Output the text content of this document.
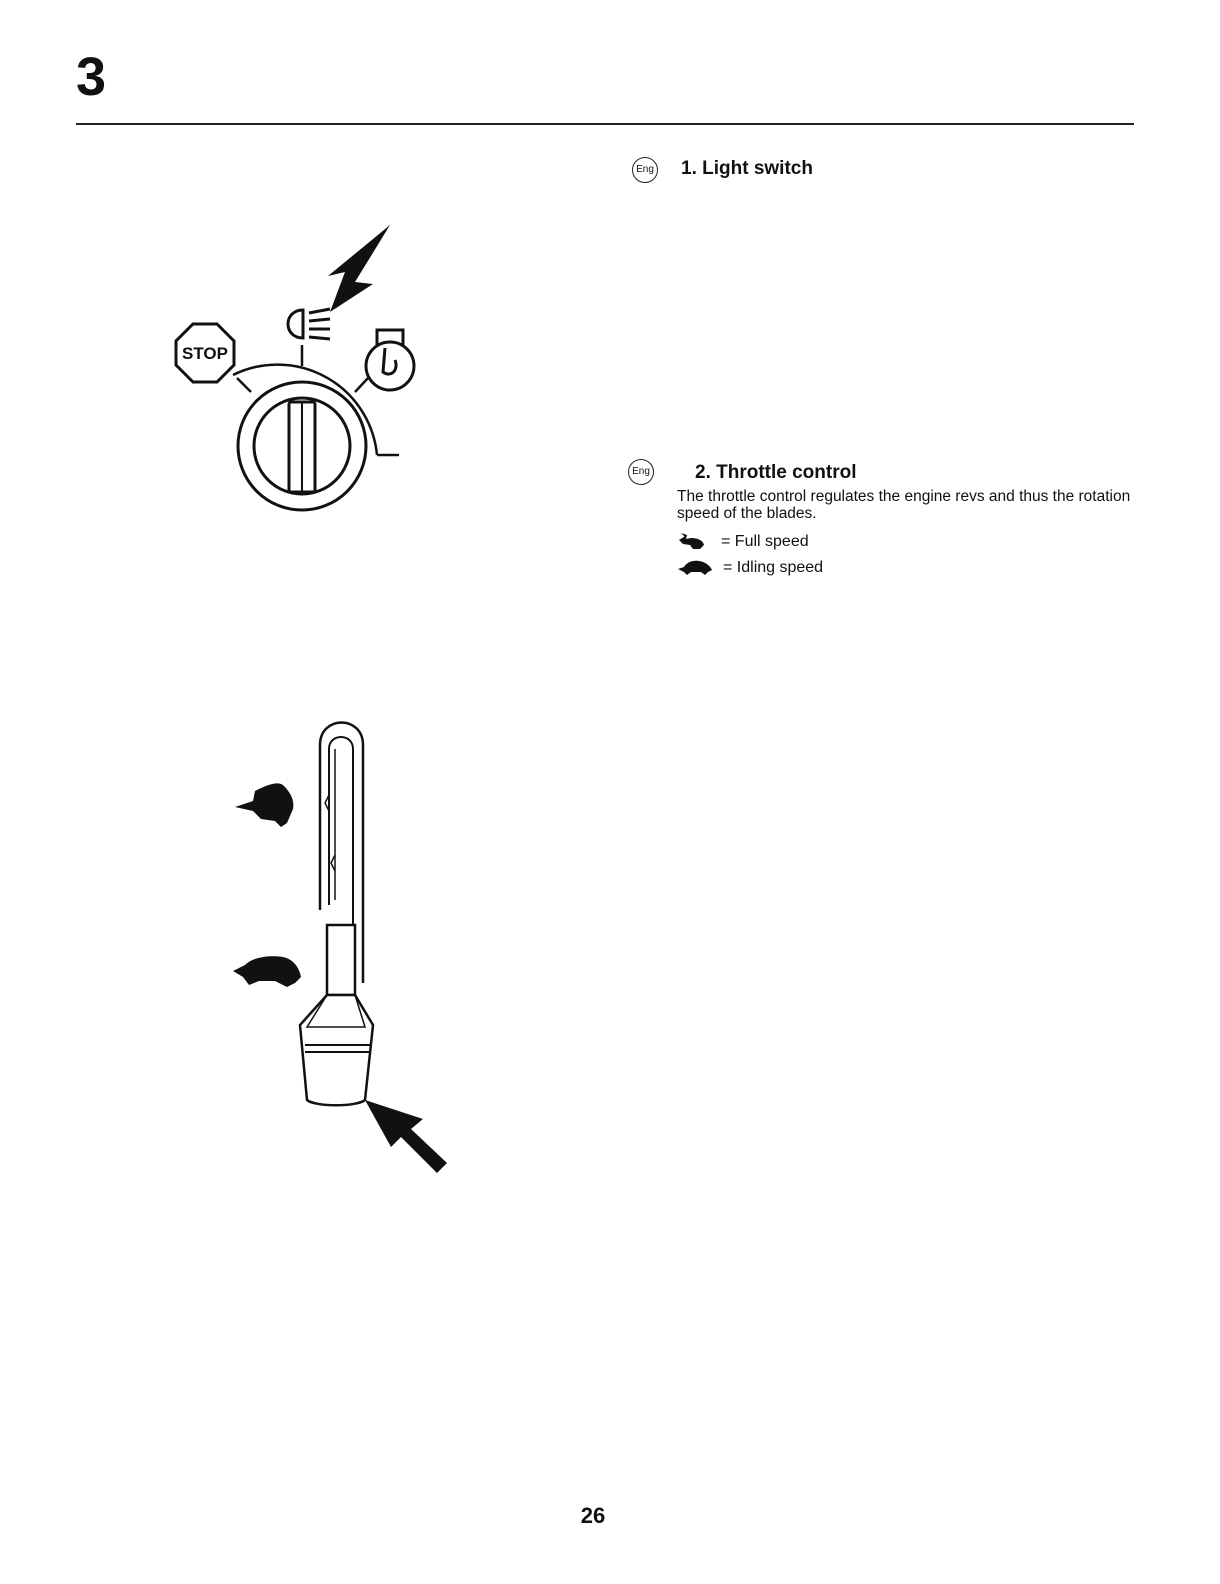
3
Eng 1. Light switch
Eng 2. Throttle control
The throttle control regulates the engine revs and thus the rotation speed of the blades.
= Full speed
= Idling speed
STOP
26
